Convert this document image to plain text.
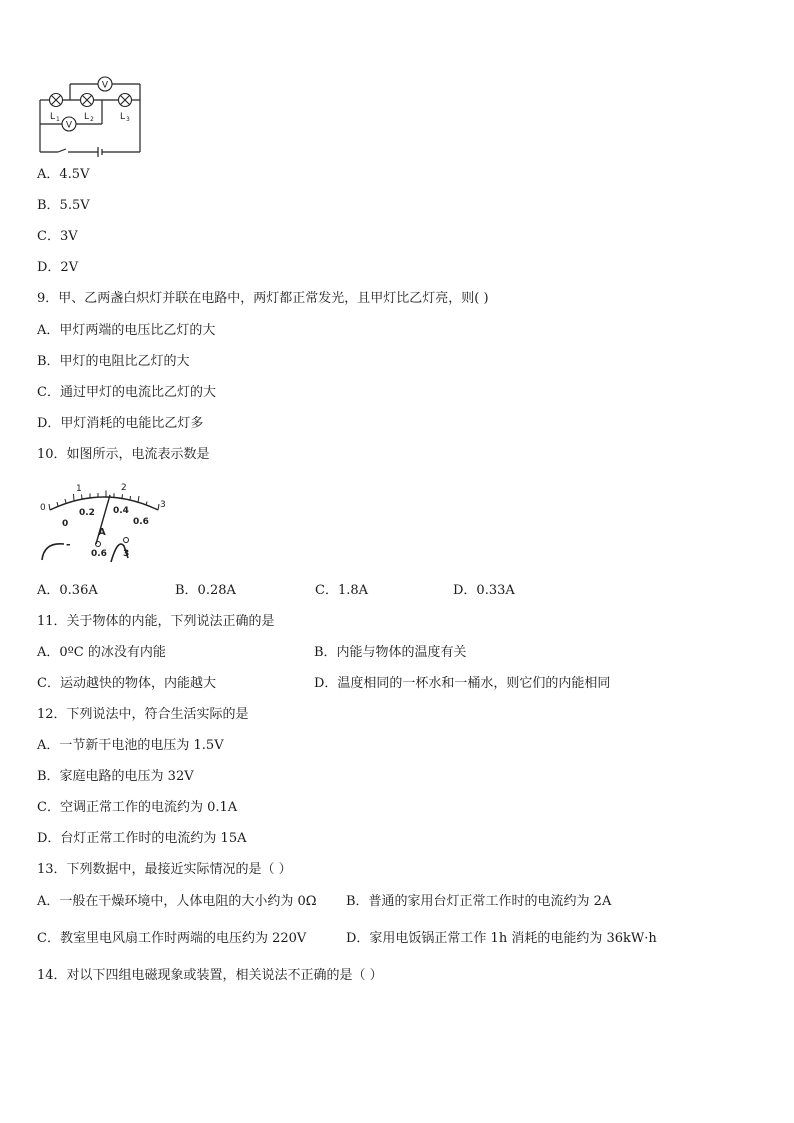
V
V
L 1	L 2	L 3
A．4.5V
B．5.5V
C．3V
D．2V
9．甲、乙两盏白炽灯并联在电路中，两灯都正常发光，且甲灯比乙灯亮，则( )
A．甲灯两端的电压比乙灯的大
B．甲灯的电阻比乙灯的大
C．通过甲灯的电流比乙灯的大
D．甲灯消耗的电能比乙灯多
10．如图所示，电流表示数是
0
1	2
3
0
0.2 0.4
0.6
A
-
0.6 3
A．0.36A	B．0.28A	C．1.8A	D．0.33A
11．关于物体的内能，下列说法正确的是
A．0ºC 的冰没有内能	B．内能与物体的温度有关
C．运动越快的物体，内能越大	D．温度相同的一杯水和一桶水，则它们的内能相同
12．下列说法中，符合生活实际的是
A．一节新干电池的电压为 1.5V
B．家庭电路的电压为 32V
C．空调正常工作的电流约为 0.1A
D．台灯正常工作时的电流约为 15A
13．下列数据中，最接近实际情况的是（ ）
A．一般在干燥环境中，人体电阻的大小约为 0Ω B．普通的家用台灯正常工作时的电流约为 2A
C．教室里电风扇工作时两端的电压约为 220V	D．家用电饭锅正常工作 1h 消耗的电能约为 36kW·h
14．对以下四组电磁现象或装置，相关说法不正确的是（ ）
